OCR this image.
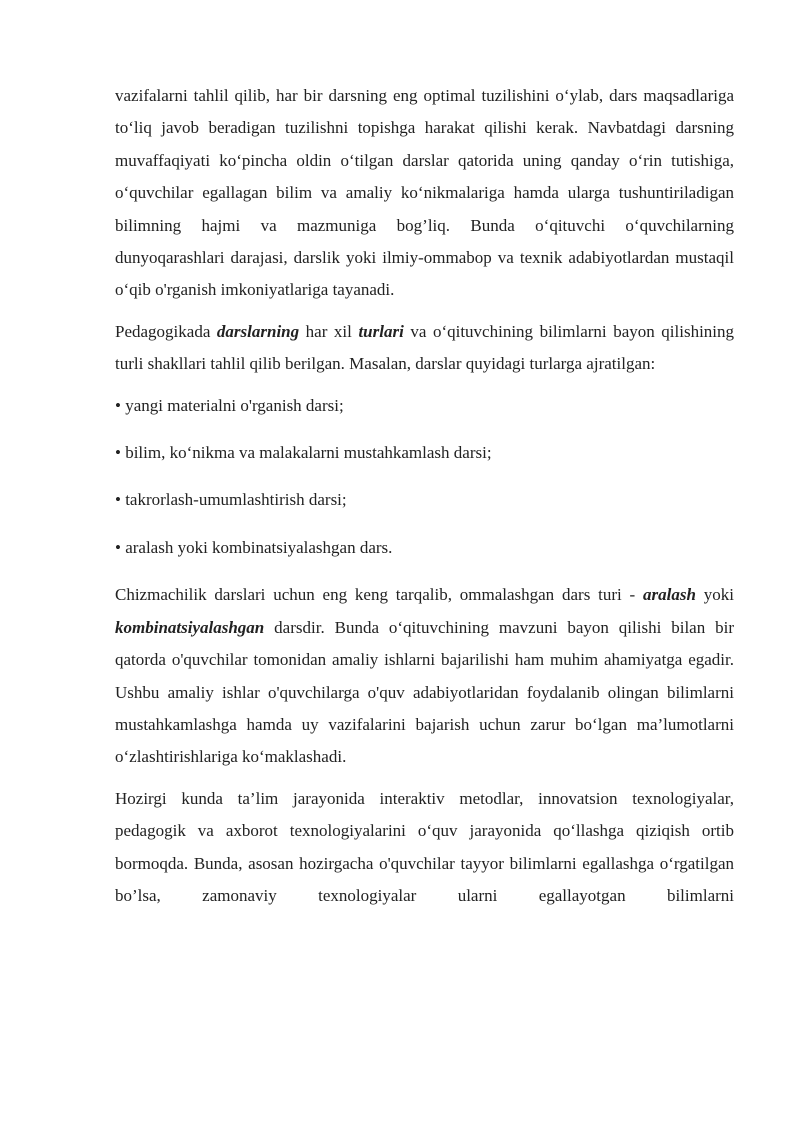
vazifalarni tahlil qilib, har bir darsning eng optimal tuzilishini o‘ylab, dars maqsadlariga to‘liq javob beradigan tuzilishni topishga harakat qilishi kerak. Navbatdagi darsning muvaffaqiyati ko‘pincha oldin o‘tilgan darslar qatorida uning qanday o‘rin tutishiga, o‘quvchilar egallagan bilim va amaliy ko‘nikmalariga hamda ularga tushuntiriladigan bilimning hajmi va mazmuniga bog’liq. Bunda o‘qituvchi o‘quvchilarning dunyoqarashlari darajasi, darslik yoki ilmiy-ommabop va texnik adabiyotlardan mustaqil o‘qib o'rganish imkoniyatlariga tayanadi.

Pedagogikada darslarning har xil turlari va o‘qituvchining bilimlarni bayon qilishining turli shakllari tahlil qilib berilgan. Masalan, darslar quyidagi turlarga ajratilgan:

• yangi materialni o'rganish darsi;

• bilim, ko‘nikma va malakalarni mustahkamlash darsi;

• takrorlash-umumlashtirish darsi;

• aralash yoki kombinatsiyalashgan dars.

Chizmachilik darslari uchun eng keng tarqalib, ommalashgan dars turi - aralash yoki kombinatsiyalashgan darsdir. Bunda o‘qituvchining mavzuni bayon qilishi bilan bir qatorda o'quvchilar tomonidan amaliy ishlarni bajarilishi ham muhim ahamiyatga egadir. Ushbu amaliy ishlar o'quvchilarga o'quv adabiyotlaridan foydalanib olingan bilimlarni mustahkamlashga hamda uy vazifalarini bajarish uchun zarur bo‘lgan ma’lumotlarni o‘zlashtirishlariga ko‘maklashadi.

Hozirgi kunda ta’lim jarayonida interaktiv metodlar, innovatsion texnologiyalar, pedagogik va axborot texnologiyalarini o‘quv jarayonida qo‘llashga qiziqish ortib bormoqda. Bunda, asosan hozirgacha o'quvchilar tayyor bilimlarni egallashga o‘rgatilgan bo’lsa, zamonaviy texnologiyalar ularni egallayotgan bilimlarni
